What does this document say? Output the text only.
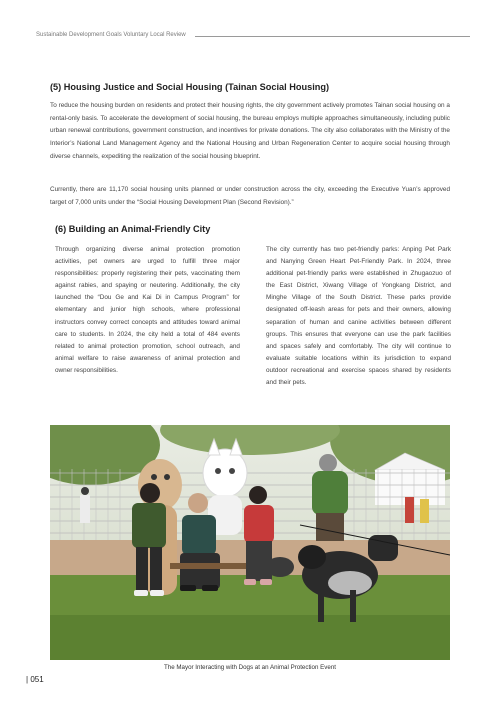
Sustainable Development Goals Voluntary Local Review
(5) Housing Justice and Social Housing (Tainan Social Housing)

To reduce the housing burden on residents and protect their housing rights, the city government actively promotes Tainan social housing on a rental-only basis. To accelerate the development of social housing, the bureau employs multiple approaches simultaneously, including public urban renewal contributions, government construction, and incentives for private donations. The city also collaborates with the Ministry of the Interior’s National Land Management Agency and the National Housing and Urban Regeneration Center to acquire social housing through diverse channels, expediting the realization of the social housing blueprint.

Currently, there are 11,170 social housing units planned or under construction across the city, exceeding the Executive Yuan’s approved target of 7,000 units under the “Social Housing Development Plan (Second Revision).”

(6) Building an Animal-Friendly City

Through organizing diverse animal protection promotion activities, pet owners are urged to fulfill three major responsibilities: properly registering their pets, vaccinating them against rabies, and spaying or neutering. Additionally, the city launched the “Dou Ge and Kai Di in Campus Program” for elementary and junior high schools, where professional instructors convey correct concepts and attitudes toward animal care to students. In 2024, the city held a total of 484 events related to animal protection promotion, school outreach, and animal welfare to raise awareness of animal protection and owner responsibilities.

The city currently has two pet-friendly parks: Anping Pet Park and Nanying Green Heart Pet-Friendly Park. In 2024, three additional pet-friendly parks were established in Zhugaozuo of the East District, Xiwang Village of Yongkang District, and Minghe Village of the South District. These parks provide designated off-leash areas for pets and their owners, allowing separation of human and canine activities between different groups. This ensures that everyone can use the park facilities and spaces safely and comfortably. The city will continue to evaluate suitable locations within its jurisdiction to expand outdoor recreational and exercise spaces shared by residents and their pets.

The Mayor Interacting with Dogs at an Animal Protection Event
| 051
